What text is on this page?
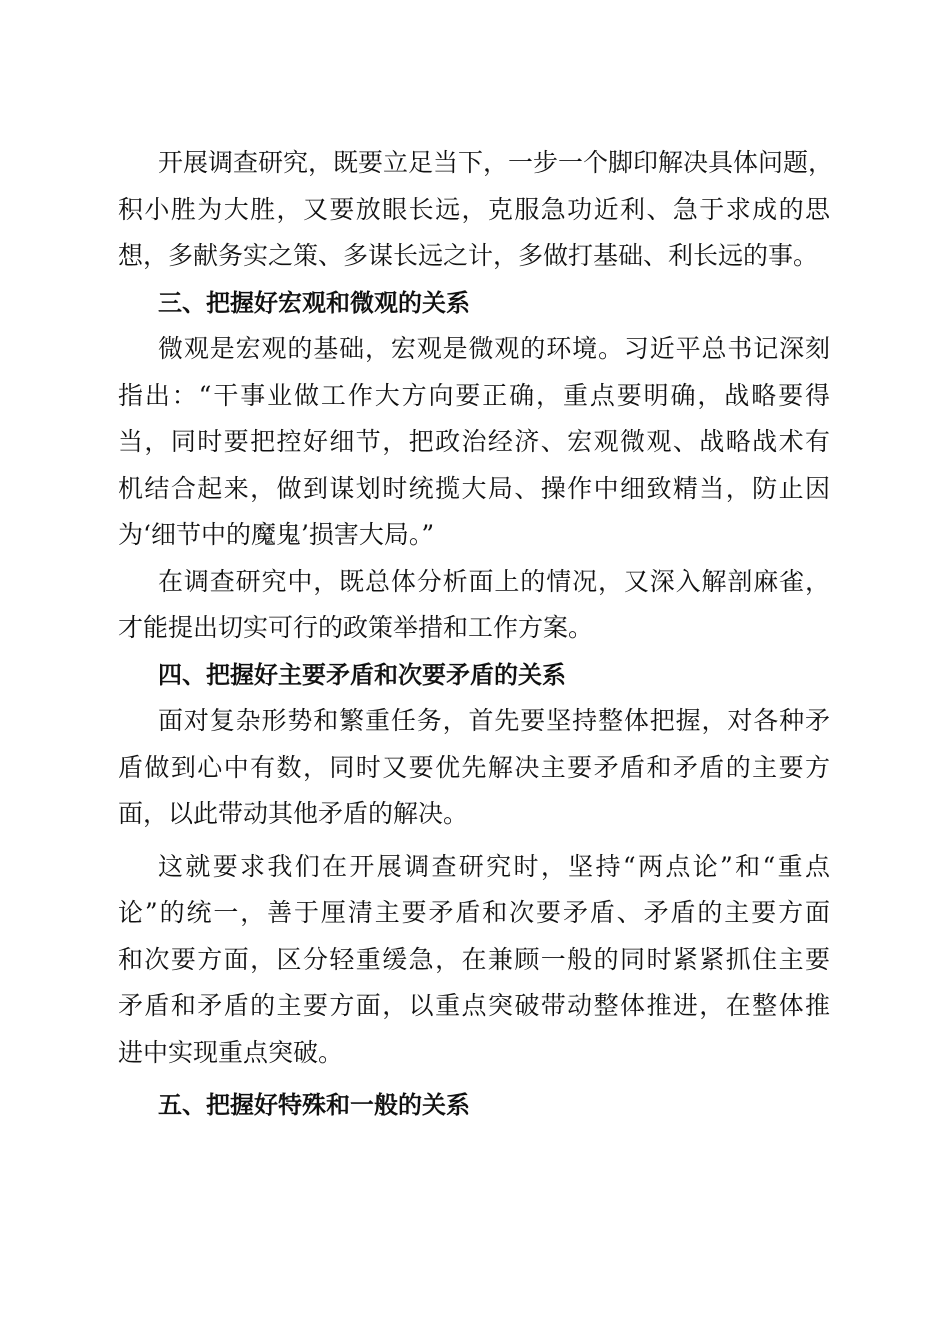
开展调查研究，既要立足当下，一步一个脚印解决具体问题，
积小胜为大胜，又要放眼长远，克服急功近利、急于求成的思
想，多献务实之策、多谋长远之计，多做打基础、利长远的事。
三、把握好宏观和微观的关系
微观是宏观的基础，宏观是微观的环境。习近平总书记深刻
指出：“干事业做工作大方向要正确，重点要明确，战略要得
当，同时要把控好细节，把政治经济、宏观微观、战略战术有
机结合起来，做到谋划时统揽大局、操作中细致精当，防止因
为‘细节中的魔鬼’损害大局。”
在调查研究中，既总体分析面上的情况，又深入解剖麻雀，
才能提出切实可行的政策举措和工作方案。
四、把握好主要矛盾和次要矛盾的关系
面对复杂形势和繁重任务，首先要坚持整体把握，对各种矛
盾做到心中有数，同时又要优先解决主要矛盾和矛盾的主要方
面，以此带动其他矛盾的解决。
这就要求我们在开展调查研究时，坚持“两点论”和“重点
论”的统一，善于厘清主要矛盾和次要矛盾、矛盾的主要方面
和次要方面，区分轻重缓急，在兼顾一般的同时紧紧抓住主要
矛盾和矛盾的主要方面，以重点突破带动整体推进，在整体推
进中实现重点突破。
五、把握好特殊和一般的关系
